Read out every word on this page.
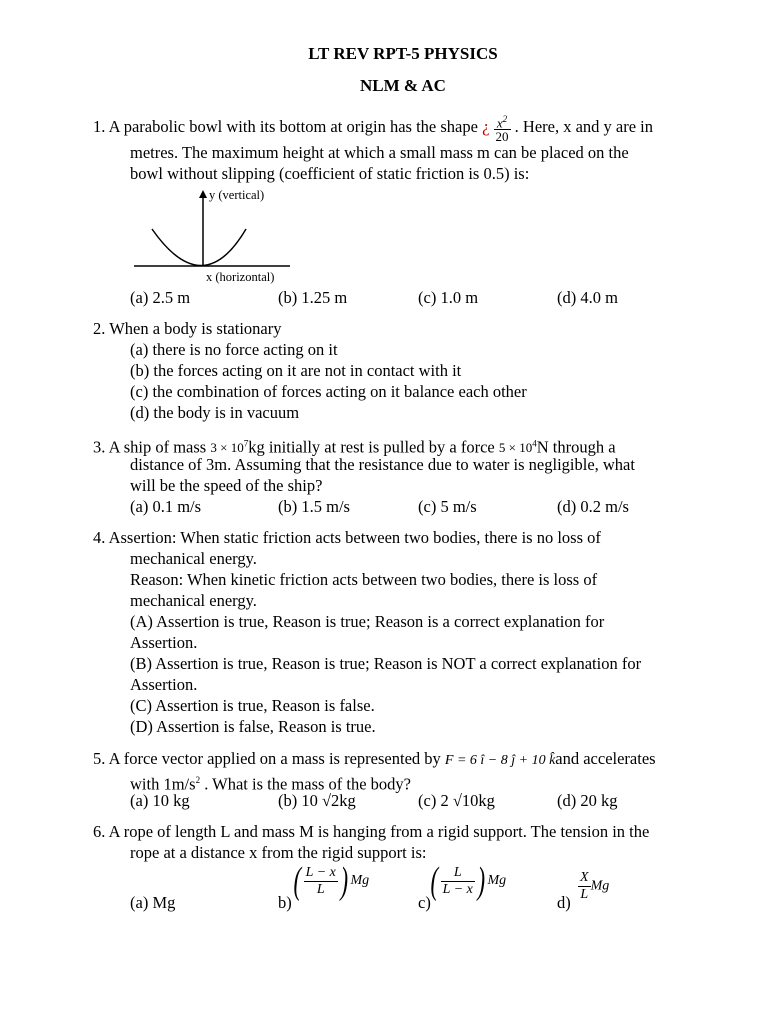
LT REV RPT-5 PHYSICS
NLM & AC
1. A parabolic bowl with its bottom at origin has the shape ¿ $\frac{x^2}{20}$ . Here, x and y are in
metres. The maximum height at which a small mass m can be placed on the
bowl without slipping (coefficient of static friction is 0.5) is:
y (vertical)
x (horizontal)
(a) 2.5 m	(b) 1.25 m	(c) 1.0 m	(d) 4.0 m
2. When a body is stationary
(a) there is no force acting on it
(b) the forces acting on it are not in contact with it
(c) the combination of forces acting on it balance each other
(d) the body is in vacuum
3. A ship of mass $3 \times 10^7kg$ initially at rest is pulled by a force $5 \times 10^4N$ through a
distance of 3m. Assuming that the resistance due to water is negligible, what
will be the speed of the ship?
(a) 0.1 m/s	(b) 1.5 m/s	(c) 5 m/s	(d) 0.2 m/s
4. Assertion: When static friction acts between two bodies, there is no loss of
mechanical energy.
Reason: When kinetic friction acts between two bodies, there is loss of
mechanical energy.
(A) Assertion is true, Reason is true; Reason is a correct explanation for
Assertion.
(B) Assertion is true, Reason is true; Reason is NOT a correct explanation for
Assertion.
(C) Assertion is true, Reason is false.
(D) Assertion is false, Reason is true.
5. A force vector applied on a mass is represented by F = 6 î − 8 ĵ + 10 k̂and accelerates
with $1m/s^2$ . What is the mass of the body?
(a) 10 kg	(b) 10 √2kg	(c) 2 √10kg	(d) 20 kg
6. A rope of length L and mass M is hanging from a rigid support. The tension in the
rope at a distance x from the rigid support is:
(a) Mg	b)
( $\frac{L - x}{L}$ ) Mg
c)
( $\frac{L}{L - x}$ ) Mg
$d) \frac{X}{L}$ Mg
